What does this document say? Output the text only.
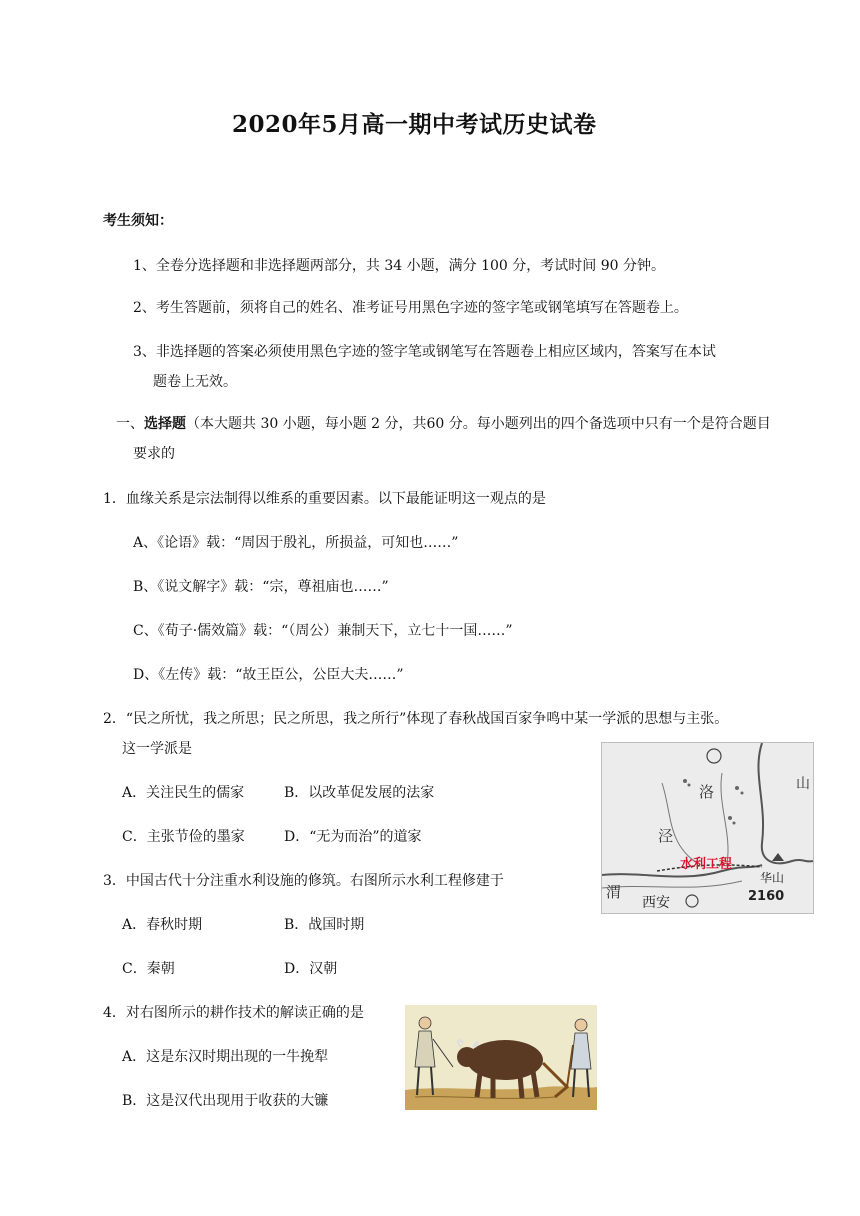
2020年5月高一期中考试历史试卷
考生须知：
1、全卷分选择题和非选择题两部分，共 34 小题，满分 100 分，考试时间 90 分钟。
2、考生答题前，须将自己的姓名、准考证号用黑色字迹的签字笔或钢笔填写在答题卷上。
3、非选择题的答案必须使用黑色字迹的签字笔或钢笔写在答题卷上相应区域内，答案写在本试
题卷上无效。
一、选择题（本大题共 30 小题，每小题 2 分，共60 分。每小题列出的四个备选项中只有一个是符合题目
要求的
1．血缘关系是宗法制得以维系的重要因素。以下最能证明这一观点的是
A、《论语》载：“周因于殷礼，所损益，可知也……”
B、《说文解字》载：“宗，尊祖庙也……”
C、《荀子·儒效篇》载：“（周公）兼制天下，立七十一国……”
D、《左传》载：“故王臣公，公臣大夫……”
2．“民之所忧，我之所思；民之所思，我之所行”体现了春秋战国百家争鸣中某一学派的思想与主张。
这一学派是
A．关注民生的儒家	B．以改革促发展的法家
C．主张节俭的墨家	D．“无为而治”的道家
3．中国古代十分注重水利设施的修筑。右图所示水利工程修建于
A．春秋时期	B．战国时期
C．秦朝	D．汉朝
4．对右图所示的耕作技术的解读正确的是
A．这是东汉时期出现的一牛挽犁
B．这是汉代出现用于收获的大镰
洛
泾
山
水利工程
渭
西安
华山
2160
